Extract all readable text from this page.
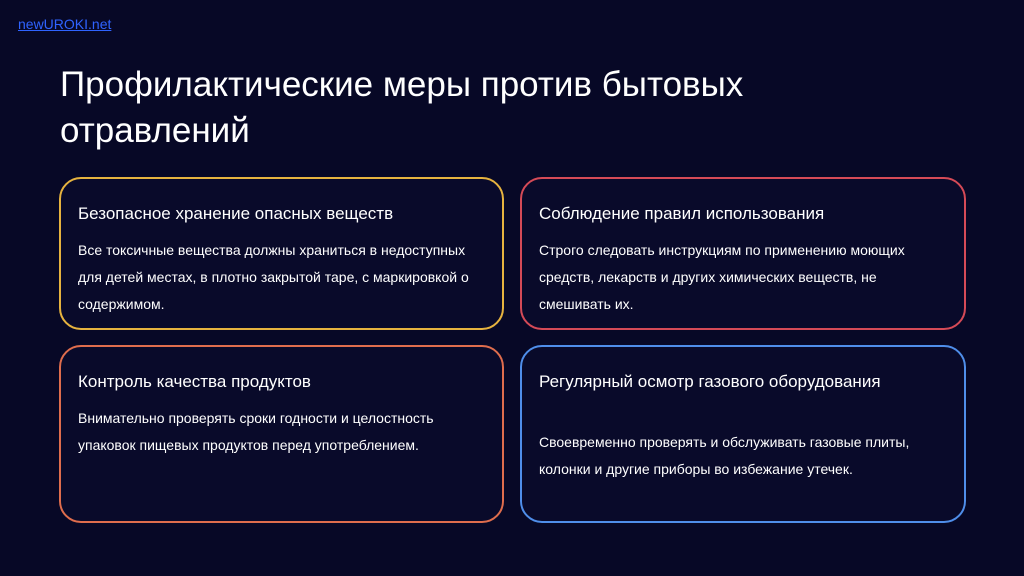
newUROKI.net
Профилактические меры против бытовых отравлений
Безопасное хранение опасных веществ

Все токсичные вещества должны храниться в недоступных для детей местах, в плотно закрытой таре, с маркировкой о содержимом.

Соблюдение правил использования

Строго следовать инструкциям по применению моющих средств, лекарств и других химических веществ, не смешивать их.

Контроль качества продуктов

Внимательно проверять сроки годности и целостность упаковок пищевых продуктов перед употреблением.

Регулярный осмотр газового оборудования

Своевременно проверять и обслуживать газовые плиты, колонки и другие приборы во избежание утечек.
